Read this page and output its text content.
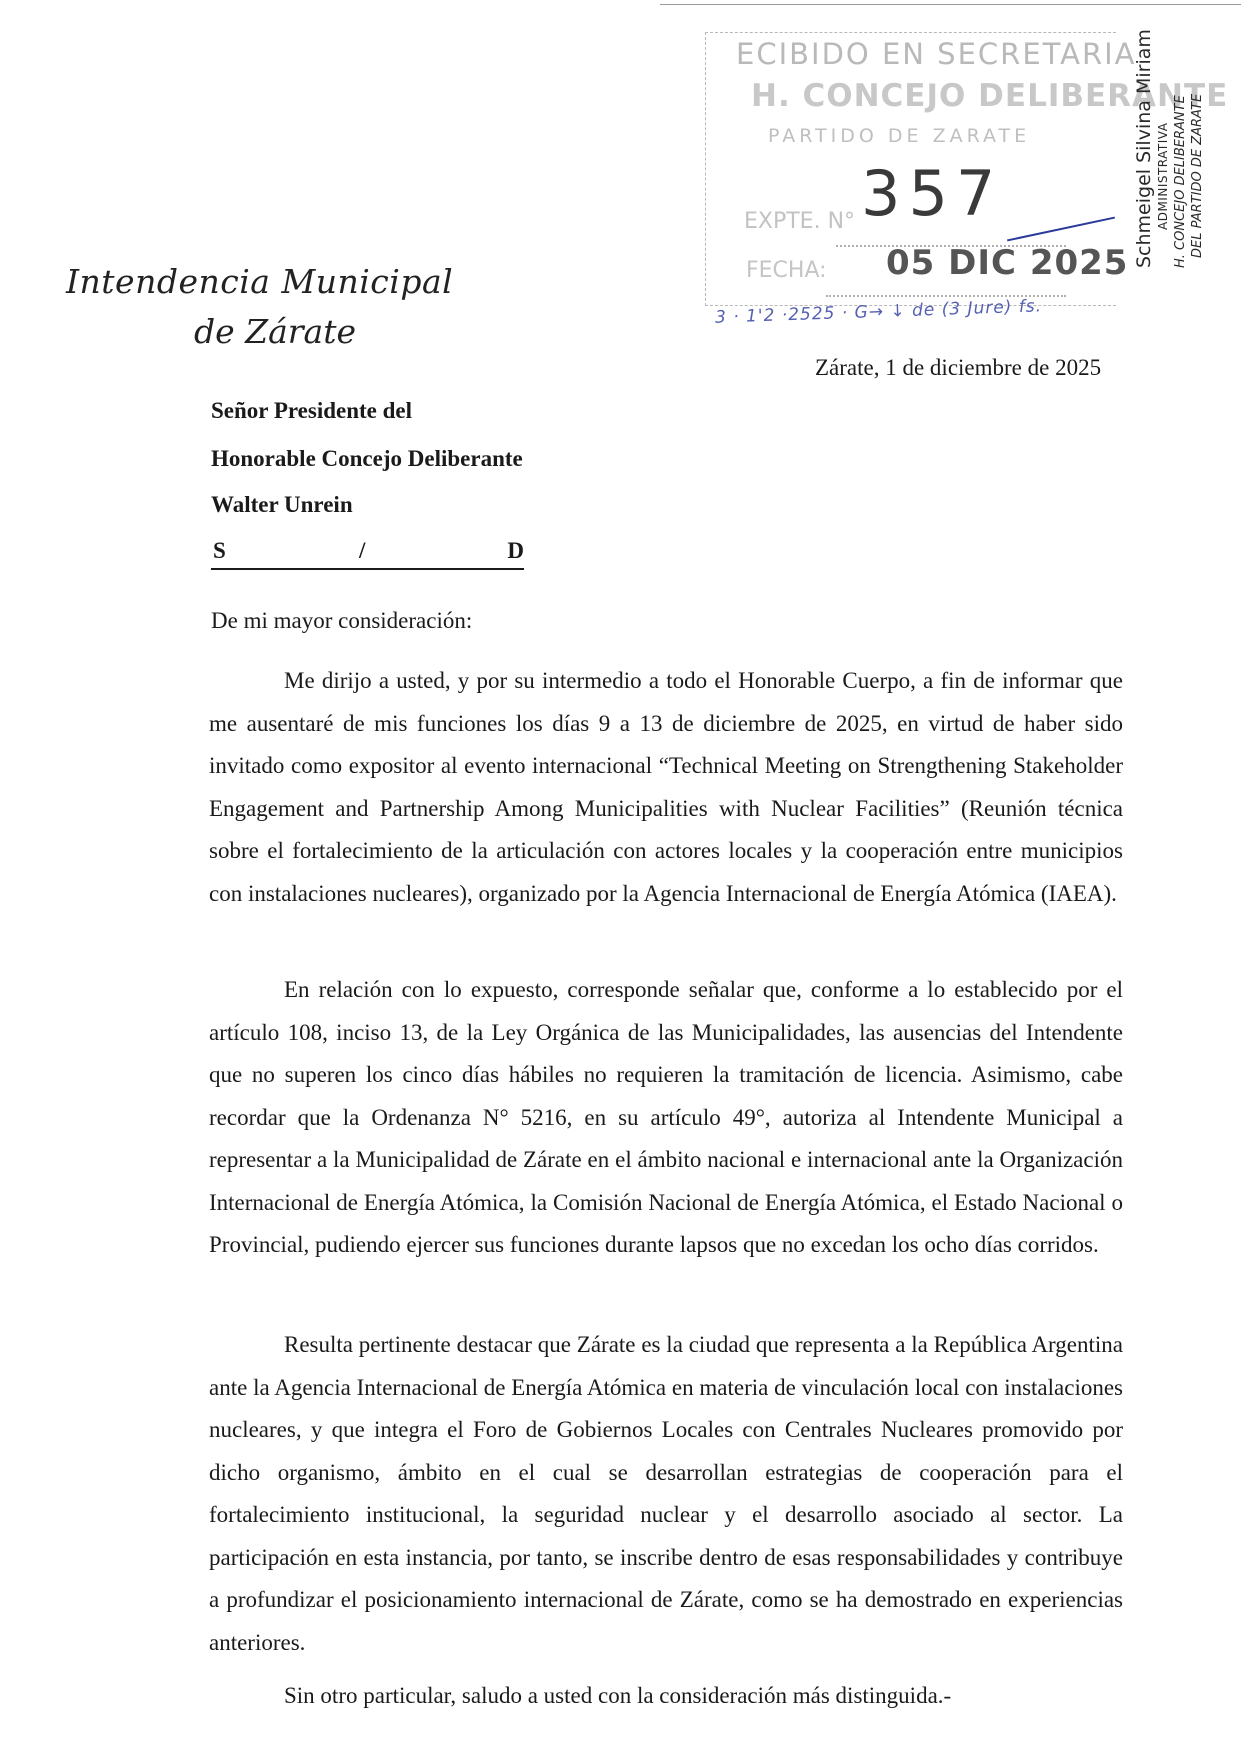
Intendencia Municipal
de Zárate
ECIBIDO EN SECRETARIA
H. CONCEJO DELIBERANTE
PARTIDO DE ZARATE
EXPTE. N° 357
FECHA: 05 DIC 2025
3 · 1'2 ·2525 · G→ ↓ de (3 Jure) fs.
Schmeigel Silvina Miriam ADMINISTRATIVA H. CONCEJO DELIBERANTE DEL PARTIDO DE ZARATE
Zárate, 1 de diciembre de 2025
Señor Presidente del
Honorable Concejo Deliberante
Walter Unrein
S	/	D
De mi mayor consideración:

Me dirijo a usted, y por su intermedio a todo el Honorable Cuerpo, a fin de informar que me ausentaré de mis funciones los días 9 a 13 de diciembre de 2025, en virtud de haber sido invitado como expositor al evento internacional “Technical Meeting on Strengthening Stakeholder Engagement and Partnership Among Municipalities with Nuclear Facilities” (Reunión técnica sobre el fortalecimiento de la articulación con actores locales y la cooperación entre municipios con instalaciones nucleares), organizado por la Agencia Internacional de Energía Atómica (IAEA).

En relación con lo expuesto, corresponde señalar que, conforme a lo establecido por el artículo 108, inciso 13, de la Ley Orgánica de las Municipalidades, las ausencias del Intendente que no superen los cinco días hábiles no requieren la tramitación de licencia. Asimismo, cabe recordar que la Ordenanza N° 5216, en su artículo 49°, autoriza al Intendente Municipal a representar a la Municipalidad de Zárate en el ámbito nacional e internacional ante la Organización Internacional de Energía Atómica, la Comisión Nacional de Energía Atómica, el Estado Nacional o Provincial, pudiendo ejercer sus funciones durante lapsos que no excedan los ocho días corridos.

Resulta pertinente destacar que Zárate es la ciudad que representa a la República Argentina ante la Agencia Internacional de Energía Atómica en materia de vinculación local con instalaciones nucleares, y que integra el Foro de Gobiernos Locales con Centrales Nucleares promovido por dicho organismo, ámbito en el cual se desarrollan estrategias de cooperación para el fortalecimiento institucional, la seguridad nuclear y el desarrollo asociado al sector. La participación en esta instancia, por tanto, se inscribe dentro de esas responsabilidades y contribuye a profundizar el posicionamiento internacional de Zárate, como se ha demostrado en experiencias anteriores.

Sin otro particular, saludo a usted con la consideración más distinguida.-
